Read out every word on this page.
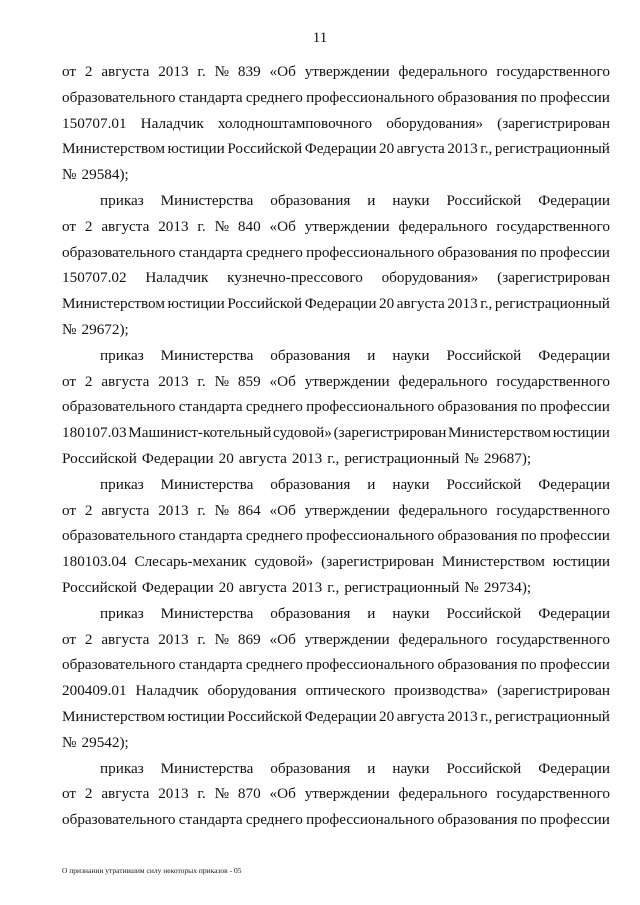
11
от 2 августа 2013 г. № 839 «Об утверждении федерального государственного
образовательного стандарта среднего профессионального образования по профессии
150707.01 Наладчик холодноштамповочного оборудования» (зарегистрирован
Министерством юстиции Российской Федерации 20 августа 2013 г., регистрационный
№ 29584);
приказ Министерства образования и науки Российской Федерации
от 2 августа 2013 г. № 840 «Об утверждении федерального государственного
образовательного стандарта среднего профессионального образования по профессии
150707.02 Наладчик кузнечно-прессового оборудования» (зарегистрирован
Министерством юстиции Российской Федерации 20 августа 2013 г., регистрационный
№ 29672);
приказ Министерства образования и науки Российской Федерации
от 2 августа 2013 г. № 859 «Об утверждении федерального государственного
образовательного стандарта среднего профессионального образования по профессии
180107.03 Машинист-котельный судовой» (зарегистрирован Министерством юстиции
Российской Федерации 20 августа 2013 г., регистрационный № 29687);
приказ Министерства образования и науки Российской Федерации
от 2 августа 2013 г. № 864 «Об утверждении федерального государственного
образовательного стандарта среднего профессионального образования по профессии
180103.04 Слесарь-механик судовой» (зарегистрирован Министерством юстиции
Российской Федерации 20 августа 2013 г., регистрационный № 29734);
приказ Министерства образования и науки Российской Федерации
от 2 августа 2013 г. № 869 «Об утверждении федерального государственного
образовательного стандарта среднего профессионального образования по профессии
200409.01 Наладчик оборудования оптического производства» (зарегистрирован
Министерством юстиции Российской Федерации 20 августа 2013 г., регистрационный
№ 29542);
приказ Министерства образования и науки Российской Федерации
от 2 августа 2013 г. № 870 «Об утверждении федерального государственного
образовательного стандарта среднего профессионального образования по профессии
О признании утратившим силу некоторых приказов - 05
